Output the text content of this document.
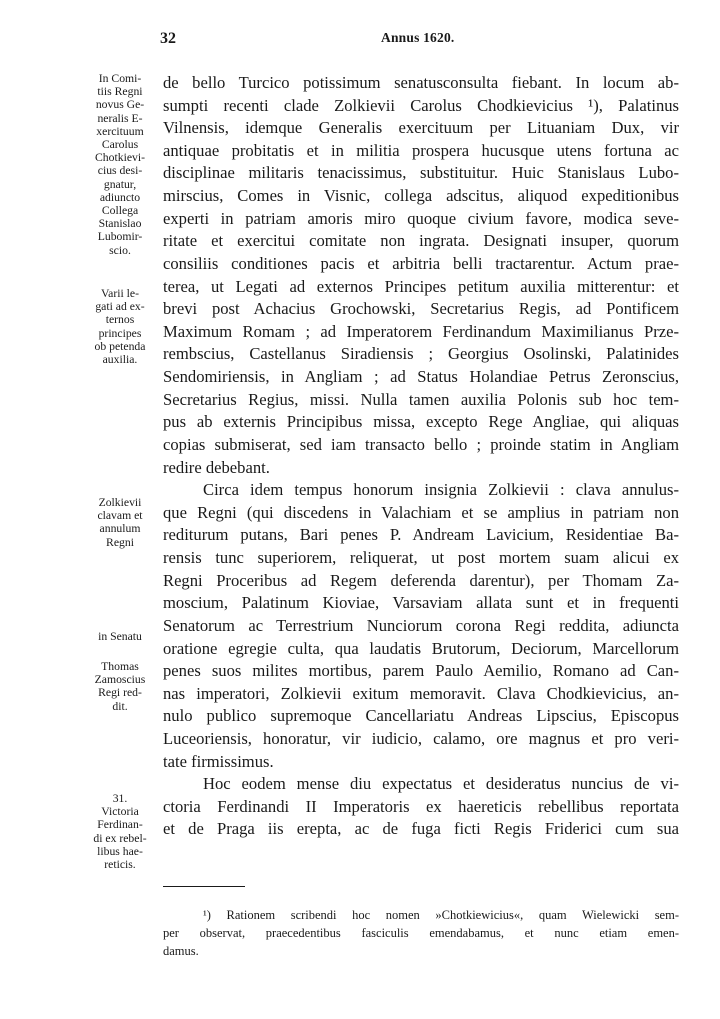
32	Annus 1620.
de bello Turcico potissimum senatusconsulta fiebant. In locum ab-
sumpti recenti clade Zolkievii Carolus Chodkievicius ¹), Palatinus
Vilnensis, idemque Generalis exercituum per Lituaniam Dux, vir
antiquae probitatis et in militia prospera hucusque utens fortuna ac
disciplinae militaris tenacissimus, substituitur. Huic Stanislaus Lubo-
mirscius, Comes in Visnic, collega adscitus, aliquod expeditionibus
experti in patriam amoris miro quoque civium favore, modica seve-
ritate et exercitui comitate non ingrata. Designati insuper, quorum
consiliis conditiones pacis et arbitria belli tractarentur. Actum prae-
terea, ut Legati ad externos Principes petitum auxilia mitterentur: et
brevi post Achacius Grochowski, Secretarius Regis, ad Pontificem
Maximum Romam ; ad Imperatorem Ferdinandum Maximilianus Prze-
rembscius, Castellanus Siradiensis ; Georgius Osolinski, Palatinides
Sendomiriensis, in Angliam ; ad Status Holandiae Petrus Zeronscius,
Secretarius Regius, missi. Nulla tamen auxilia Polonis sub hoc tem-
pus ab externis Principibus missa, excepto Rege Angliae, qui aliquas
copias submiserat, sed iam transacto bello ; proinde statim in Angliam
redire debebant.
Circa idem tempus honorum insignia Zolkievii : clava annulus-
que Regni (qui discedens in Valachiam et se amplius in patriam non
rediturum putans, Bari penes P. Andream Lavicium, Residentiae Ba-
rensis tunc superiorem, reliquerat, ut post mortem suam alicui ex
Regni Proceribus ad Regem deferenda darentur), per Thomam Za-
moscium, Palatinum Kioviae, Varsaviam allata sunt et in frequenti
Senatorum ac Terrestrium Nunciorum corona Regi reddita, adiuncta
oratione egregie culta, qua laudatis Brutorum, Deciorum, Marcellorum
penes suos milites mortibus, parem Paulo Aemilio, Romano ad Can-
nas imperatori, Zolkievii exitum memoravit. Clava Chodkievicius, an-
nulo publico supremoque Cancellariatu Andreas Lipscius, Episcopus
Luceoriensis, honoratur, vir iudicio, calamo, ore magnus et pro veri-
tate firmissimus.
Hoc eodem mense diu expectatus et desideratus nuncius de vi-
ctoria Ferdinandi II Imperatoris ex haereticis rebellibus reportata
et de Praga iis erepta, ac de fuga ficti Regis Friderici cum sua
In Comi-
tiis Regni
novus Ge-
neralis E-
xercituum
Carolus
Chotkievi-
cius desi-
gnatur,
adiuncto
Collega
Stanislao
Lubomir-
scio.
Varii le-
gati ad ex-
ternos
principes
ob petenda
auxilia.
Zolkievii
clavam et
annulum
Regni
in Senatu
Thomas
Zamoscius
Regi red-
dit.
31.
Victoria
Ferdinan-
di ex rebel-
libus hae-
reticis.
¹) Rationem scribendi hoc nomen »Chotkiewicius«, quam Wielewicki sem-
per observat, praecedentibus fasciculis emendabamus, et nunc etiam emen-
damus.
